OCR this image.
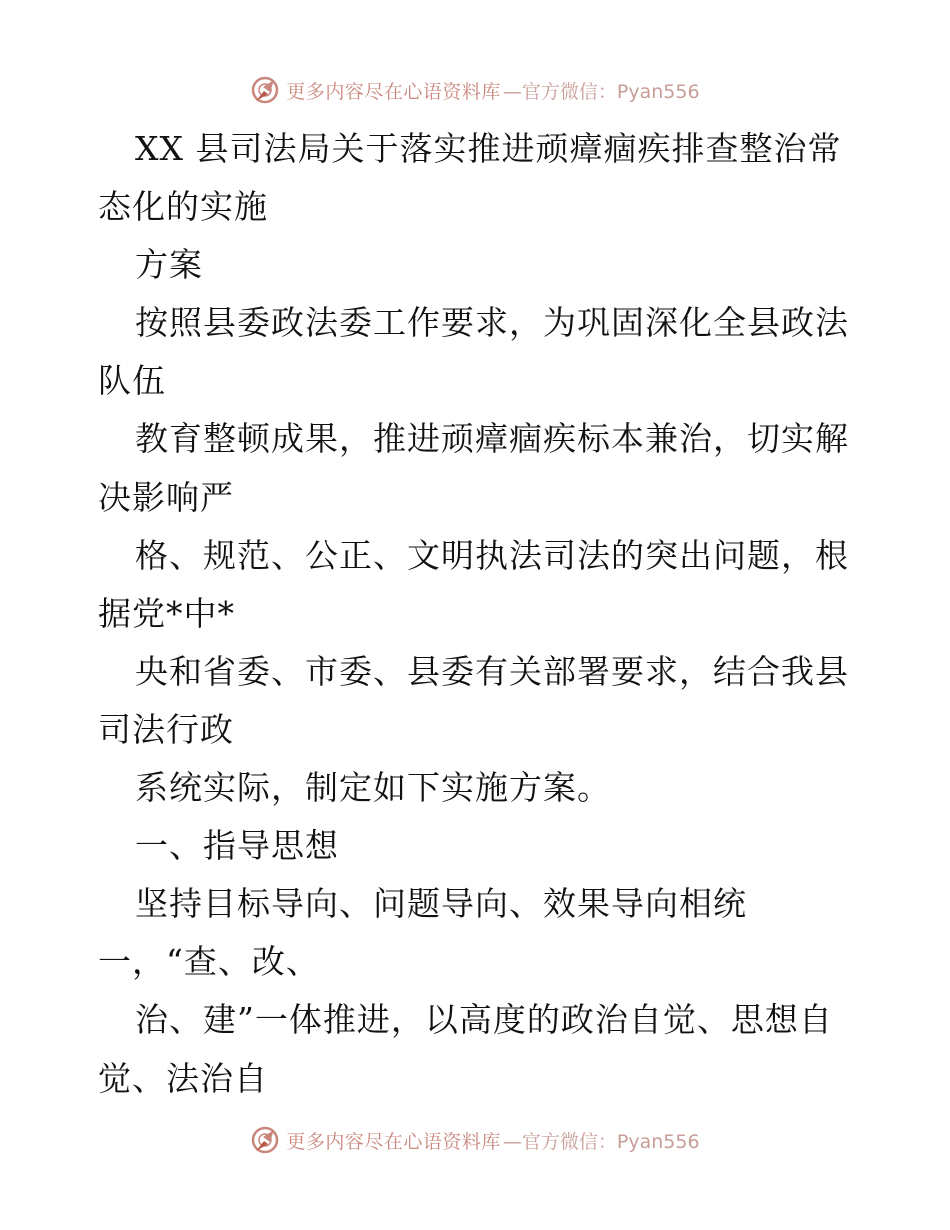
更多内容尽在心语资料库 —官方微信：Pyan556
XX 县司法局关于落实推进顽瘴痼疾排查整治常
态化的实施
方案
按照县委政法委工作要求，为巩固深化全县政法
队伍
教育整顿成果，推进顽瘴痼疾标本兼治，切实解
决影响严
格、规范、公正、文明执法司法的突出问题，根
据党*中*
央和省委、市委、县委有关部署要求，结合我县
司法行政
系统实际，制定如下实施方案。
一、指导思想
坚持目标导向、问题导向、效果导向相统
一，“查、改、
治、建”一体推进，以高度的政治自觉、思想自
觉、法治自
更多内容尽在心语资料库 —官方微信：Pyan556
